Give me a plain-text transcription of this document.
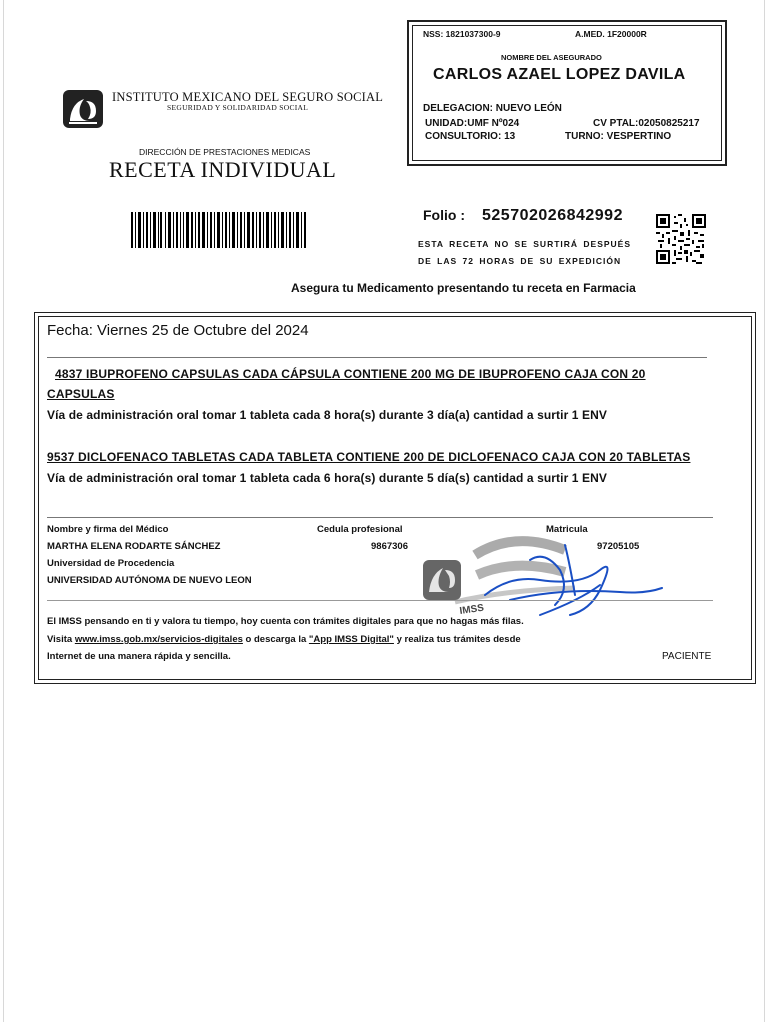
INSTITUTO MEXICANO DEL SEGURO SOCIAL
SEGURIDAD Y SOLIDARIDAD SOCIAL
DIRECCIÓN DE PRESTACIONES MEDICAS
RECETA INDIVIDUAL
NSS: 1821037300-9	A.MED. 1F20000R
NOMBRE DEL ASEGURADO
CARLOS AZAEL LOPEZ DAVILA
DELEGACION: NUEVO LEÓN
UNIDAD:UMF Nº024	CV PTAL:02050825217
CONSULTORIO: 13	TURNO: VESPERTINO
Folio : 525702026842992
ESTA RECETA NO SE SURTIRÁ DESPUÉS
DE LAS 72 HORAS DE SU EXPEDICIÓN
Asegura tu Medicamento presentando tu receta en Farmacia
Fecha: Viernes 25 de Octubre del 2024
4837 IBUPROFENO CAPSULAS CADA CÁPSULA CONTIENE 200 MG DE IBUPROFENO CAJA CON 20
CAPSULAS
Vía de administración oral tomar 1 tableta cada 8 hora(s) durante 3 día(a) cantidad a surtir 1 ENV
9537 DICLOFENACO TABLETAS CADA TABLETA CONTIENE 200 DE DICLOFENACO CAJA CON 20 TABLETAS
Vía de administración oral tomar 1 tableta cada 6 hora(s) durante 5 día(s) cantidad a surtir 1 ENV
Nombre y firma del Médico	Cedula profesional	Matricula
MARTHA ELENA RODARTE SÁNCHEZ	9867306	97205105
Universidad de Procedencia
UNIVERSIDAD AUTÓNOMA DE NUEVO LEON
IMSS
El IMSS pensando en ti y valora tu tiempo, hoy cuenta con trámites digitales para que no hagas más filas.
Visita www.imss.gob.mx/servicios-digitales o descarga la "App IMSS Digital" y realiza tus trámites desde
Internet de una manera rápida y sencilla.	PACIENTE
